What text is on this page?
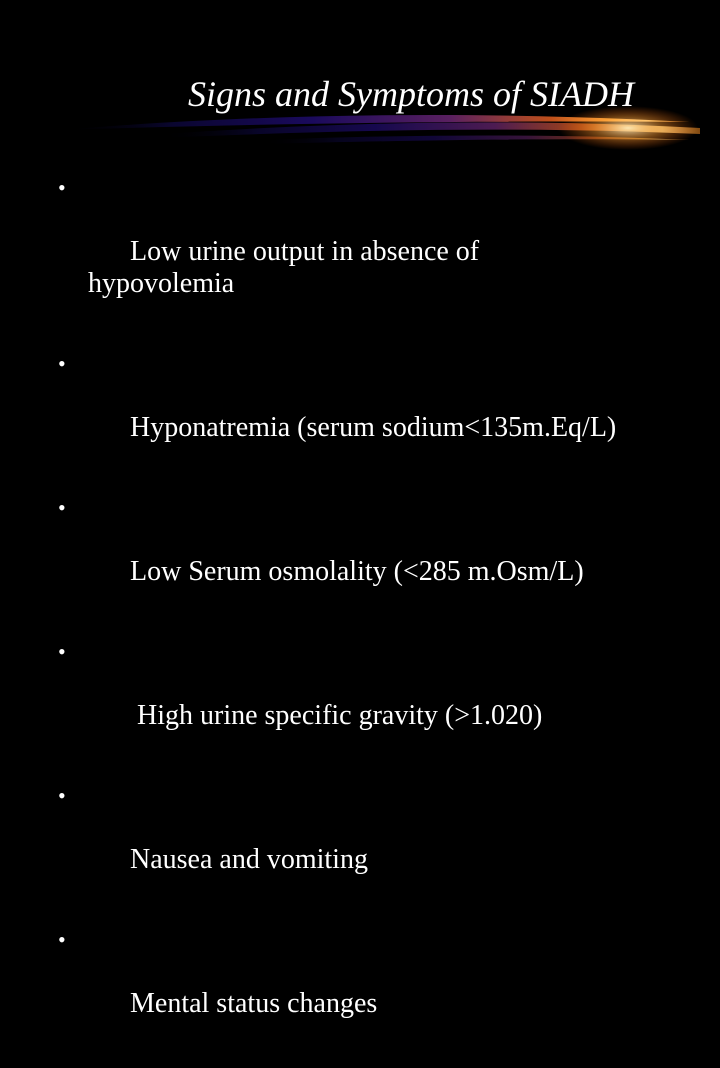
Signs and Symptoms of SIADH

•

Low urine output in absence of
hypovolemia

•

Hyponatremia (serum sodium<135m.Eq/L)

•

Low Serum osmolality (<285 m.Osm/L)

•

High urine specific gravity (>1.020)

•

Nausea and vomiting

•

Mental status changes
